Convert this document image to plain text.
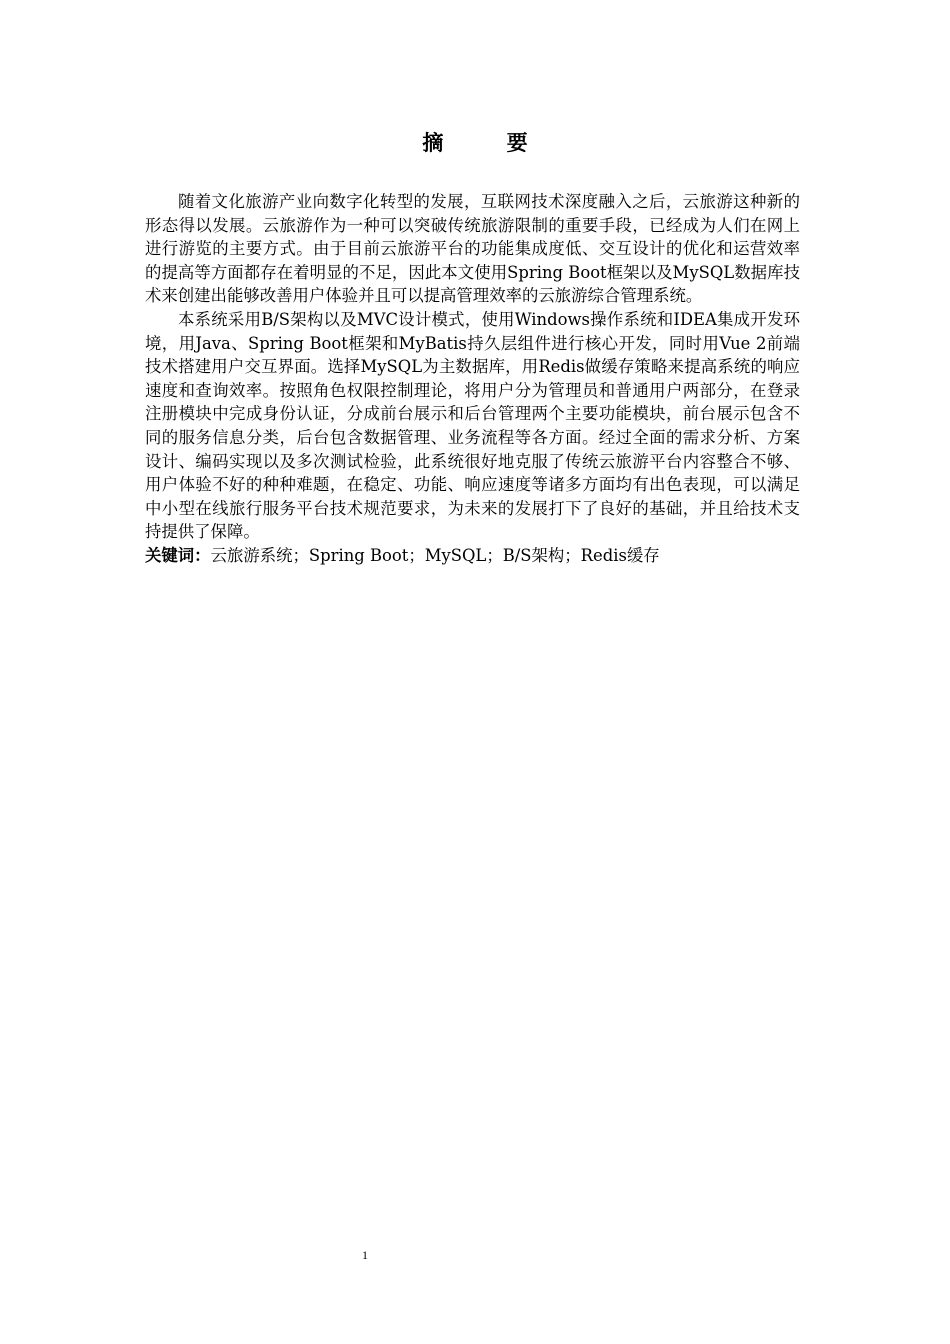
摘 要

随着文化旅游产业向数字化转型的发展，互联网技术深度融入之后，云旅游这种新的形态得以发展。云旅游作为一种可以突破传统旅游限制的重要手段，已经成为人们在网上进行游览的主要方式。由于目前云旅游平台的功能集成度低、交互设计的优化和运营效率的提高等方面都存在着明显的不足，因此本文使用Spring Boot框架以及MySQL数据库技术来创建出能够改善用户体验并且可以提高管理效率的云旅游综合管理系统。

本系统采用B/S架构以及MVC设计模式，使用Windows操作系统和IDEA集成开发环境，用Java、Spring Boot框架和MyBatis持久层组件进行核心开发，同时用Vue 2前端技术搭建用户交互界面。选择MySQL为主数据库，用Redis做缓存策略来提高系统的响应速度和查询效率。按照角色权限控制理论，将用户分为管理员和普通用户两部分，在登录注册模块中完成身份认证，分成前台展示和后台管理两个主要功能模块，前台展示包含不同的服务信息分类，后台包含数据管理、业务流程等各方面。经过全面的需求分析、方案设计、编码实现以及多次测试检验，此系统很好地克服了传统云旅游平台内容整合不够、用户体验不好的种种难题，在稳定、功能、响应速度等诸多方面均有出色表现，可以满足中小型在线旅行服务平台技术规范要求，为未来的发展打下了良好的基础，并且给技术支持提供了保障。

关键词：云旅游系统；Spring Boot；MySQL；B/S架构；Redis缓存

1
